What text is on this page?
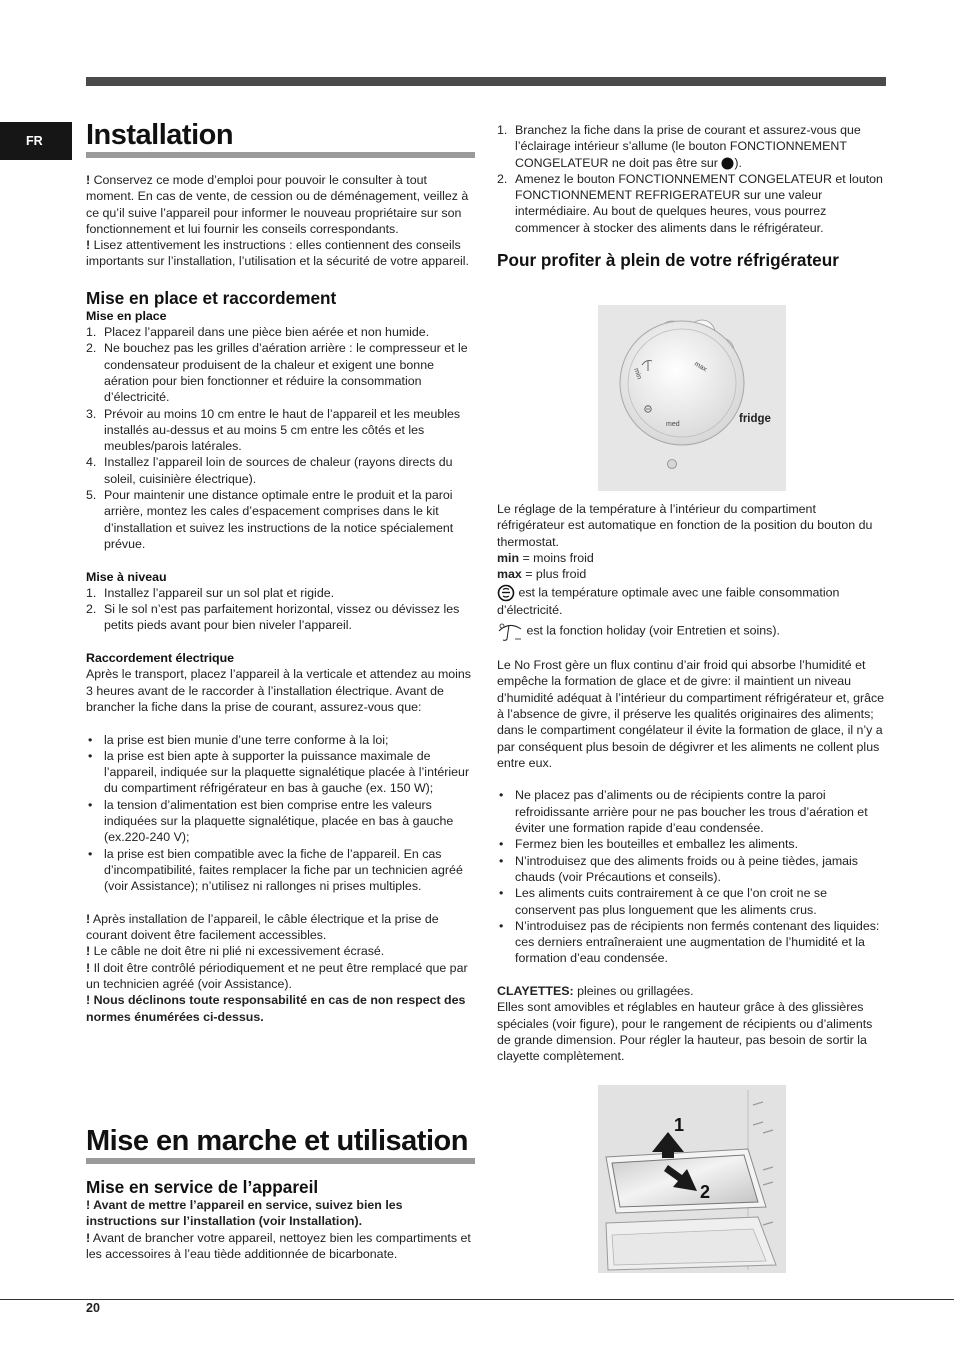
FR Installation

! Conservez ce mode d’emploi pour pouvoir le consulter à tout moment. En cas de vente, de cession ou de déménagement, veillez à ce qu’il suive l’appareil pour informer le nouveau propriétaire sur son fonctionnement et lui fournir les conseils correspondants.

! Lisez attentivement les instructions : elles contiennent des conseils importants sur l’installation, l’utilisation et la sécurité de votre appareil.

Mise en place et raccordement
Mise en place
1. Placez l’appareil dans une pièce bien aérée et non humide.
2. Ne bouchez pas les grilles d’aération arrière : le compresseur et le condensateur produisent de la chaleur et exigent une bonne aération pour bien fonctionner et réduire la consommation d’électricité.
3. Prévoir au moins 10 cm entre le haut de l’appareil et les meubles installés au-dessus et au moins 5 cm entre les côtés et les meubles/parois latérales.
4. Installez l’appareil loin de sources de chaleur (rayons directs du soleil, cuisinière électrique).
5. Pour maintenir une distance optimale entre le produit et la paroi arrière, montez les cales d’espacement comprises dans le kit d’installation et suivez les instructions de la notice spécialement prévue.
Mise à niveau
1. Installez l’appareil sur un sol plat et rigide.
2. Si le sol n’est pas parfaitement horizontal, vissez ou dévissez les petits pieds avant pour bien niveler l’appareil.
Raccordement électrique

Après le transport, placez l’appareil à la verticale et attendez au moins 3 heures avant de le raccorder à l’installation électrique. Avant de brancher la fiche dans la prise de courant, assurez-vous que:

• la prise est bien munie d’une terre conforme à la loi;
• la prise est bien apte à supporter la puissance maximale de l’appareil, indiquée sur la plaquette signalétique placée à l’intérieur du compartiment réfrigérateur en bas à gauche (ex. 150 W);
• la tension d’alimentation est bien comprise entre les valeurs indiquées sur la plaquette signalétique, placée en bas à gauche (ex.220-240 V);
• la prise est bien compatible avec la fiche de l’appareil. En cas d’incompatibilité, faites remplacer la fiche par un technicien agréé (voir Assistance); n’utilisez ni rallonges ni prises multiples.

! Après installation de l’appareil, le câble électrique et la prise de courant doivent être facilement accessibles.

! Le câble ne doit être ni plié ni excessivement écrasé.

! Il doit être contrôlé périodiquement et ne peut être remplacé que par un technicien agréé (voir Assistance).

! Nous déclinons toute responsabilité en cas de non respect des normes énumérées ci-dessus.

Mise en marche et utilisation
Mise en service de l’appareil

! Avant de mettre l’appareil en service, suivez bien les instructions sur l’installation (voir Installation).

! Avant de brancher votre appareil, nettoyez bien les compartiments et les accessoires à l’eau tiède additionnée de bicarbonate.

1. Branchez la fiche dans la prise de courant et assurez-vous que l’éclairage intérieur s’allume (le bouton FONCTIONNEMENT CONGELATEUR ne doit pas être sur ).
2. Amenez le bouton FONCTIONNEMENT CONGELATEUR et louton FONCTIONNEMENT REFRIGERATEUR sur une valeur intermédiaire. Au bout de quelques heures, vous pourrez commencer à stocker des aliments dans le réfrigérateur.
Pour profiter à plein de votre réfrigérateur
min
max
med	fridge

Le réglage de la température à l’intérieur du compartiment réfrigérateur est automatique en fonction de la position du bouton du thermostat.

min = moins froid

max = plus froid

est la température optimale avec une faible consommation d’électricité.

est la fonction holiday (voir Entretien et soins).

Le No Frost gère un flux continu d’air froid qui absorbe l’humidité et empêche la formation de glace et de givre: il maintient un niveau d’humidité adéquat à l’intérieur du compartiment réfrigérateur et, grâce à l’absence de givre, il préserve les qualités originaires des aliments; dans le compartiment congélateur il évite la formation de glace, il n’y a par conséquent plus besoin de dégivrer et les aliments ne collent plus entre eux.

• Ne placez pas d’aliments ou de récipients contre la paroi refroidissante arrière pour ne pas boucher les trous d’aération et éviter une formation rapide d’eau condensée.
• Fermez bien les bouteilles et emballez les aliments.
• N’introduisez que des aliments froids ou à peine tièdes, jamais chauds (voir Précautions et conseils).
• Les aliments cuits contrairement à ce que l’on croit ne se conservent pas plus longuement que les aliments crus.
• N’introduisez pas de récipients non fermés contenant des liquides: ces derniers entraîneraient une augmentation de l’humidité et la formation d’eau condensée.

CLAYETTES: pleines ou grillagées.

Elles sont amovibles et réglables en hauteur grâce à des glissières spéciales (voir figure), pour le rangement de récipients ou d’aliments de grande dimension. Pour régler la hauteur, pas besoin de sortir la clayette complètement.

1
2
20
